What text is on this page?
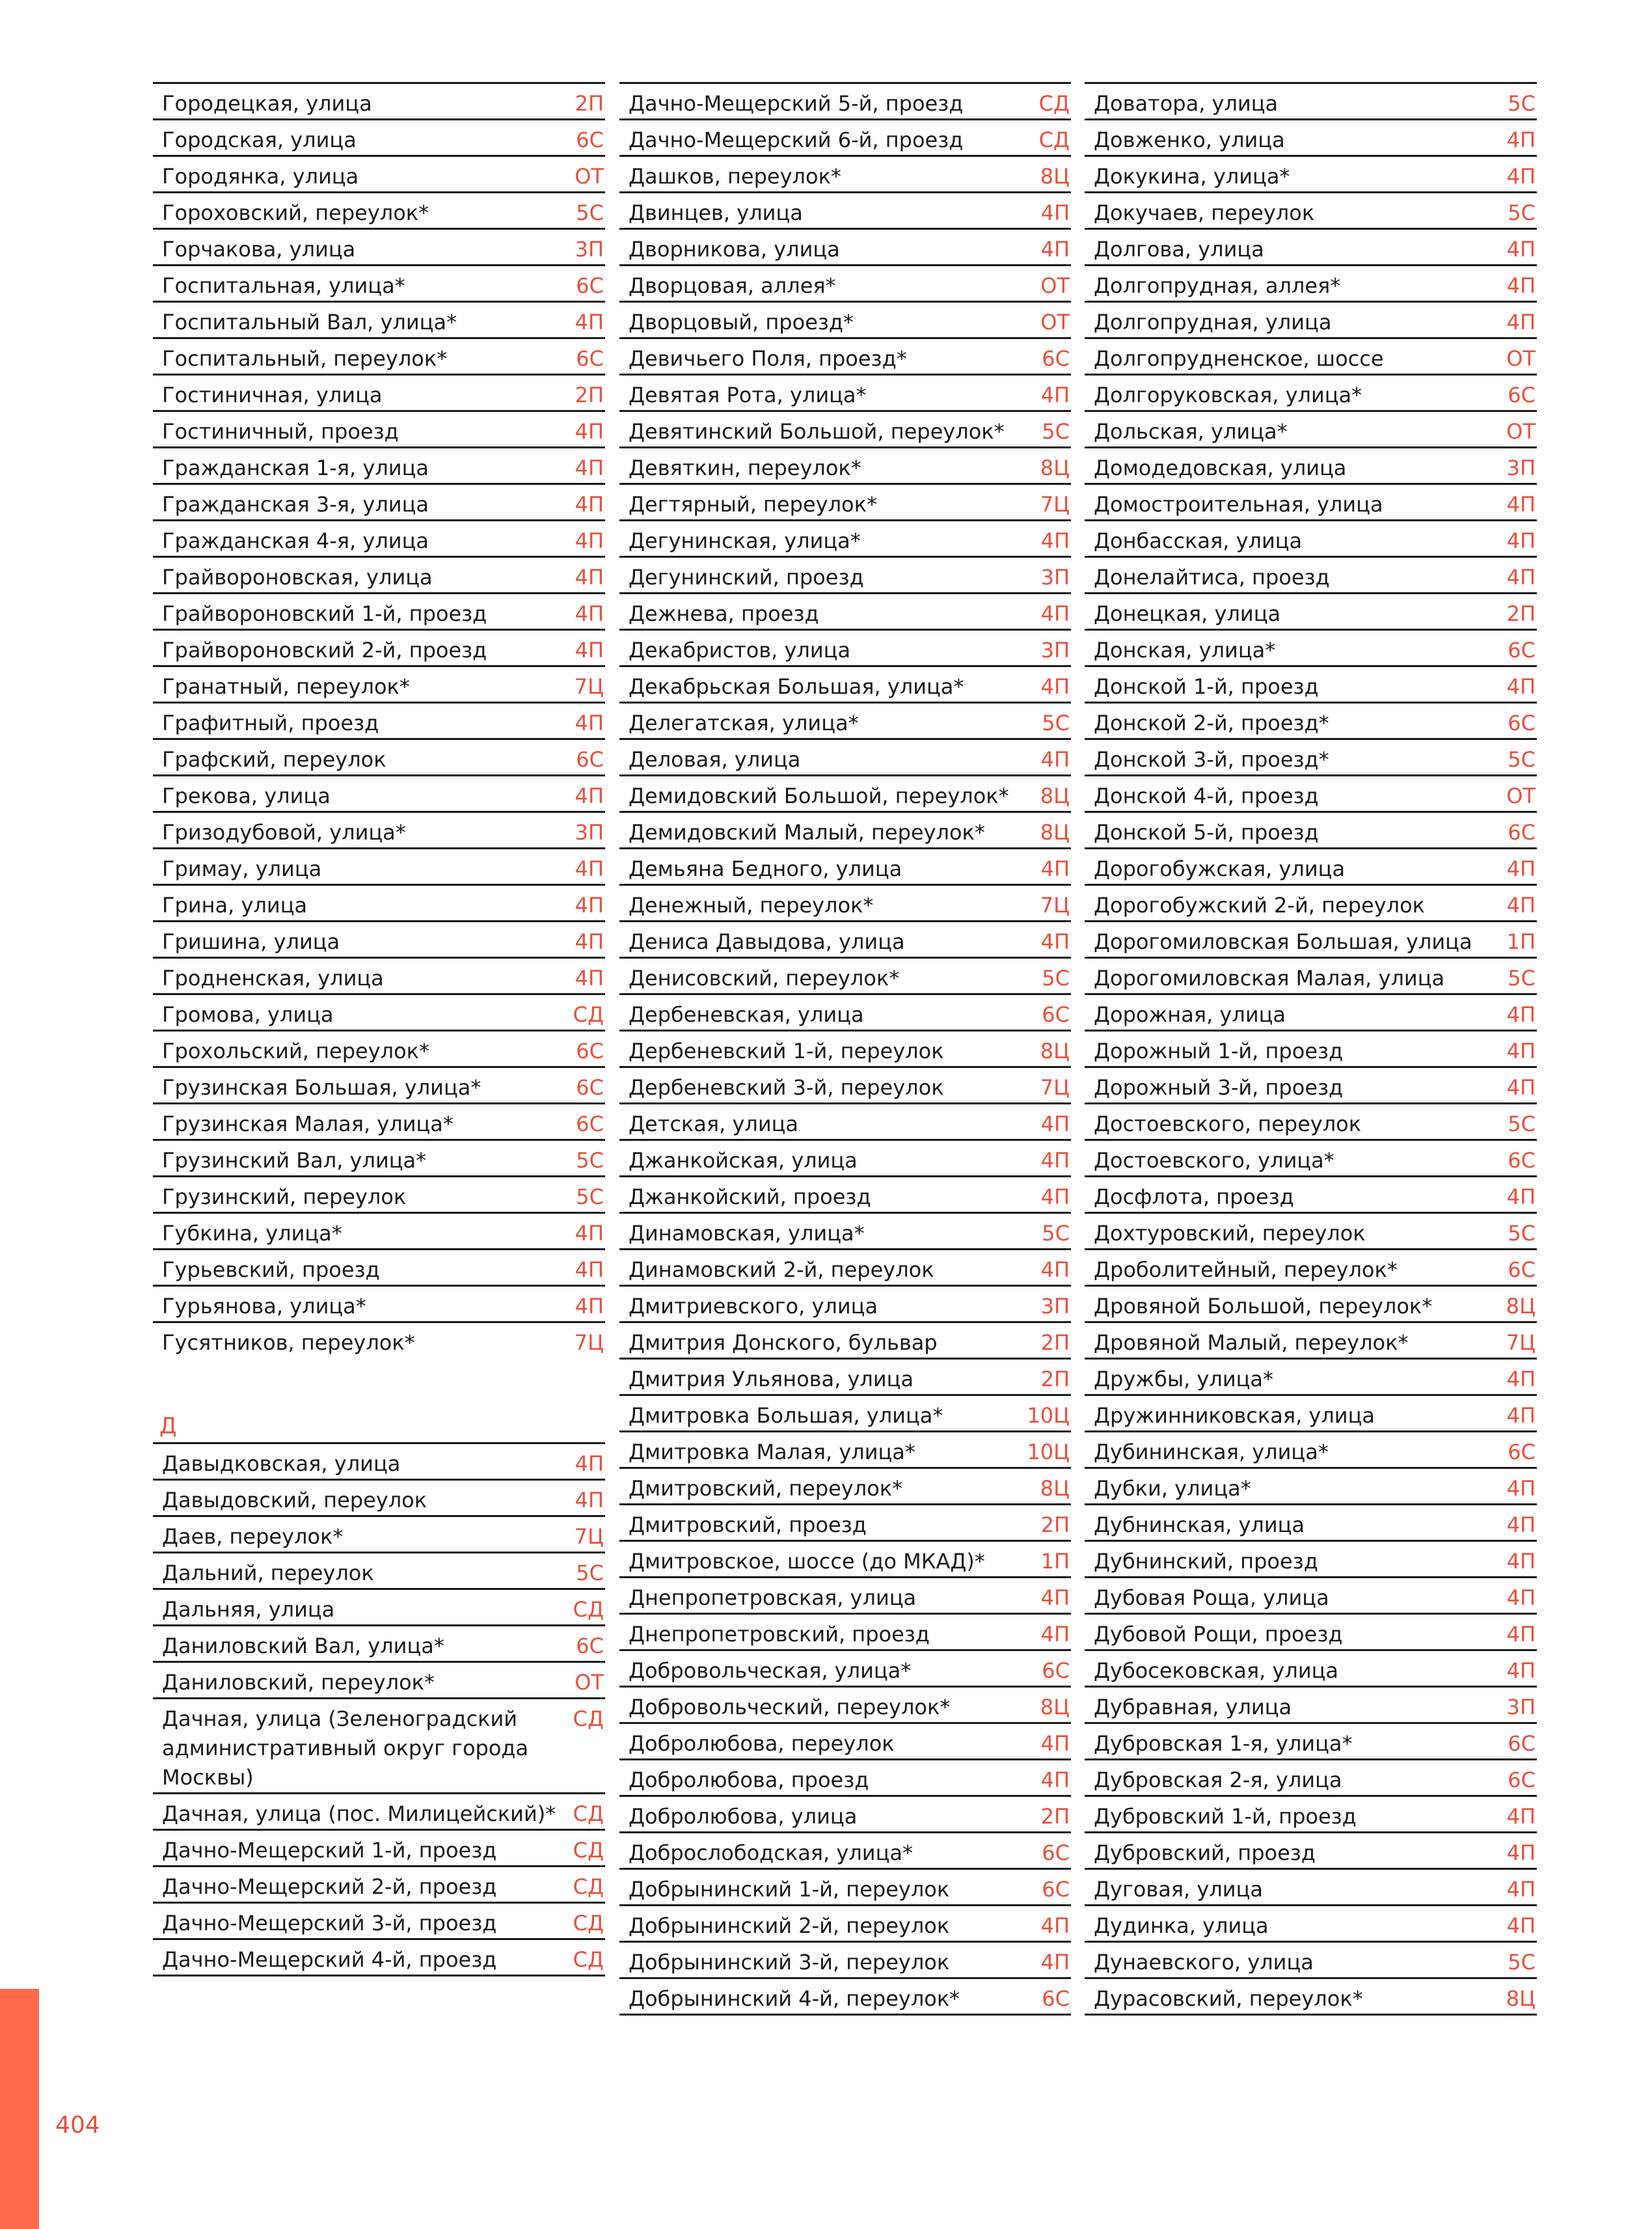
Городецкая, улица	2П
Городская, улица	6С
Городянка, улица	ОТ
Гороховский, переулок*	5С
Горчакова, улица	3П
Госпитальная, улица*	6С
Госпитальный Вал, улица*	4П
Госпитальный, переулок*	6С
Гостиничная, улица	2П
Гостиничный, проезд	4П
Гражданская 1-я, улица	4П
Гражданская 3-я, улица	4П
Гражданская 4-я, улица	4П
Грайвороновская, улица	4П
Грайвороновский 1-й, проезд	4П
Грайвороновский 2-й, проезд	4П
Гранатный, переулок*	7Ц
Графитный, проезд	4П
Графский, переулок	6С
Грекова, улица	4П
Гризодубовой, улица*	3П
Гримау, улица	4П
Грина, улица	4П
Гришина, улица	4П
Гродненская, улица	4П
Громова, улица	СД
Грохольский, переулок*	6С
Грузинская Большая, улица*	6С
Грузинская Малая, улица*	6С
Грузинский Вал, улица*	5С
Грузинский, переулок	5С
Губкина, улица*	4П
Гурьевский, проезд	4П
Гурьянова, улица*	4П
Гусятников, переулок*	7Ц
Д
Давыдковская, улица	4П
Давыдовский, переулок	4П
Даев, переулок*	7Ц
Дальний, переулок	5С
Дальняя, улица	СД
Даниловский Вал, улица*	6С
Даниловский, переулок*	ОТ
Дачная, улица (Зеленоградский административный округ города Москвы)
СД
Дачная, улица (пос. Милицейский)* СД
Дачно-Мещерский 1-й, проезд	СД
Дачно-Мещерский 2-й, проезд	СД
Дачно-Мещерский 3-й, проезд	СД
Дачно-Мещерский 4-й, проезд	СД
Дачно-Мещерский 5-й, проезд	СД
Дачно-Мещерский 6-й, проезд	СД
Дашков, переулок*	8Ц
Двинцев, улица	4П
Дворникова, улица	4П
Дворцовая, аллея*	ОТ
Дворцовый, проезд*	ОТ
Девичьего Поля, проезд*	6С
Девятая Рота, улица*	4П
Девятинский Большой, переулок*	5С
Девяткин, переулок*	8Ц
Дегтярный, переулок*	7Ц
Дегунинская, улица*	4П
Дегунинский, проезд	3П
Дежнева, проезд	4П
Декабристов, улица	3П
Декабрьская Большая, улица*	4П
Делегатская, улица*	5С
Деловая, улица	4П
Демидовский Большой, переулок*	8Ц
Демидовский Малый, переулок*	8Ц
Демьяна Бедного, улица	4П
Денежный, переулок*	7Ц
Дениса Давыдова, улица	4П
Денисовский, переулок*	5С
Дербеневская, улица	6С
Дербеневский 1-й, переулок	8Ц
Дербеневский 3-й, переулок	7Ц
Детская, улица	4П
Джанкойская, улица	4П
Джанкойский, проезд	4П
Динамовская, улица*	5С
Динамовский 2-й, переулок	4П
Дмитриевского, улица	3П
Дмитрия Донского, бульвар	2П
Дмитрия Ульянова, улица	2П
Дмитровка Большая, улица*	10Ц
Дмитровка Малая, улица*	10Ц
Дмитровский, переулок*	8Ц
Дмитровский, проезд	2П
Дмитровское, шоссе (до МКАД)*	1П
Днепропетровская, улица	4П
Днепропетровский, проезд	4П
Добровольческая, улица*	6С
Добровольческий, переулок*	8Ц
Добролюбова, переулок	4П
Добролюбова, проезд	4П
Добролюбова, улица	2П
Доброслободская, улица*	6С
Добрынинский 1-й, переулок	6С
Добрынинский 2-й, переулок	4П
Добрынинский 3-й, переулок	4П
Добрынинский 4-й, переулок*	6С
Доватора, улица	5С
Довженко, улица	4П
Докукина, улица*	4П
Докучаев, переулок	5С
Долгова, улица	4П
Долгопрудная, аллея*	4П
Долгопрудная, улица	4П
Долгопрудненское, шоссе	ОТ
Долгоруковская, улица*	6С
Дольская, улица*	ОТ
Домодедовская, улица	3П
Домостроительная, улица	4П
Донбасская, улица	4П
Донелайтиса, проезд	4П
Донецкая, улица	2П
Донская, улица*	6С
Донской 1-й, проезд	4П
Донской 2-й, проезд*	6С
Донской 3-й, проезд*	5С
Донской 4-й, проезд	ОТ
Донской 5-й, проезд	6С
Дорогобужская, улица	4П
Дорогобужский 2-й, переулок	4П
Дорогомиловская Большая, улица	1П
Дорогомиловская Малая, улица	5С
Дорожная, улица	4П
Дорожный 1-й, проезд	4П
Дорожный 3-й, проезд	4П
Достоевского, переулок	5С
Достоевского, улица*	6С
Досфлота, проезд	4П
Дохтуровский, переулок	5С
Дроболитейный, переулок*	6С
Дровяной Большой, переулок*	8Ц
Дровяной Малый, переулок*	7Ц
Дружбы, улица*	4П
Дружинниковская, улица	4П
Дубининская, улица*	6С
Дубки, улица*	4П
Дубнинская, улица	4П
Дубнинский, проезд	4П
Дубовая Роща, улица	4П
Дубовой Рощи, проезд	4П
Дубосековская, улица	4П
Дубравная, улица	3П
Дубровская 1-я, улица*	6С
Дубровская 2-я, улица	6С
Дубровский 1-й, проезд	4П
Дубровский, проезд	4П
Дуговая, улица	4П
Дудинка, улица	4П
Дунаевского, улица	5С
Дурасовский, переулок*	8Ц
404
